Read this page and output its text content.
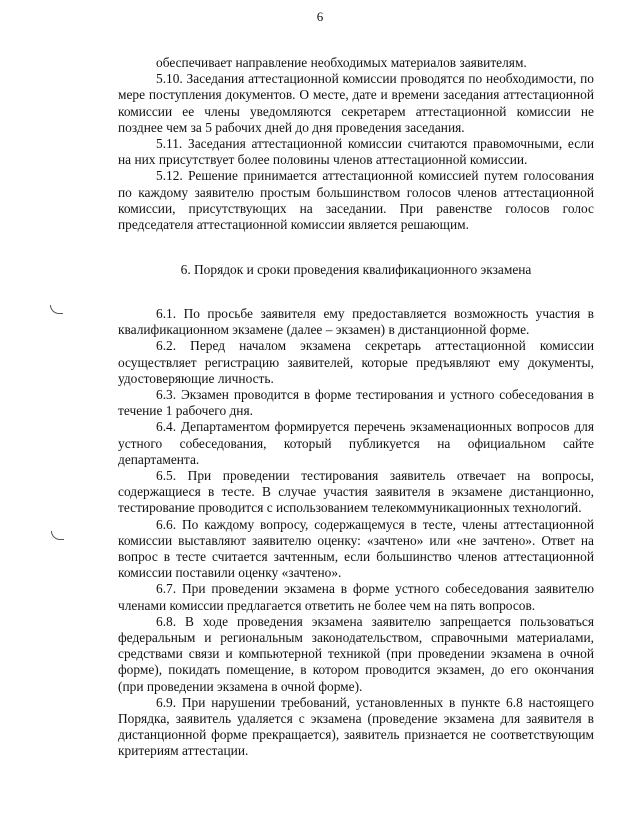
6

обеспечивает направление необходимых материалов заявителям.

5.10. Заседания аттестационной комиссии проводятся по необходимости, по мере поступления документов. О месте, дате и времени заседания аттестационной комиссии ее члены уведомляются секретарем аттестационной комиссии не позднее чем за 5 рабочих дней до дня проведения заседания.

5.11. Заседания аттестационной комиссии считаются правомочными, если на них присутствует более половины членов аттестационной комиссии.

5.12. Решение принимается аттестационной комиссией путем голосования по каждому заявителю простым большинством голосов членов аттестационной комиссии, присутствующих на заседании. При равенстве голосов голос председателя аттестационной комиссии является решающим.

6. Порядок и сроки проведения квалификационного экзамена

6.1. По просьбе заявителя ему предоставляется возможность участия в квалификационном экзамене (далее – экзамен) в дистанционной форме.

6.2. Перед началом экзамена секретарь аттестационной комиссии осуществляет регистрацию заявителей, которые предъявляют ему документы, удостоверяющие личность.

6.3. Экзамен проводится в форме тестирования и устного собеседования в течение 1 рабочего дня.

6.4. Департаментом формируется перечень экзаменационных вопросов для устного собеседования, который публикуется на официальном сайте департамента.

6.5. При проведении тестирования заявитель отвечает на вопросы, содержащиеся в тесте. В случае участия заявителя в экзамене дистанционно, тестирование проводится с использованием телекоммуникационных технологий.

6.6. По каждому вопросу, содержащемуся в тесте, члены аттестационной комиссии выставляют заявителю оценку: «зачтено» или «не зачтено». Ответ на вопрос в тесте считается зачтенным, если большинство членов аттестационной комиссии поставили оценку «зачтено».

6.7. При проведении экзамена в форме устного собеседования заявителю членами комиссии предлагается ответить не более чем на пять вопросов.

6.8. В ходе проведения экзамена заявителю запрещается пользоваться федеральным и региональным законодательством, справочными материалами, средствами связи и компьютерной техникой (при проведении экзамена в очной форме), покидать помещение, в котором проводится экзамен, до его окончания (при проведении экзамена в очной форме).

6.9. При нарушении требований, установленных в пункте 6.8 настоящего Порядка, заявитель удаляется с экзамена (проведение экзамена для заявителя в дистанционной форме прекращается), заявитель признается не соответствующим критериям аттестации.
